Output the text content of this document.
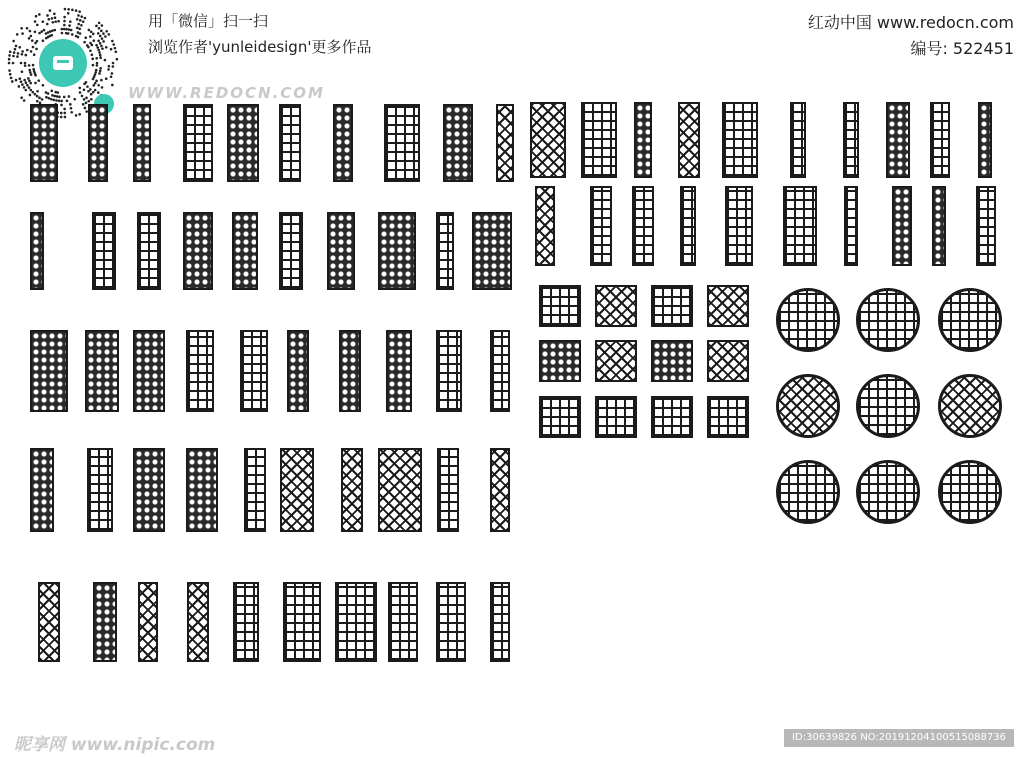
用「微信」扫一扫
浏览作者'yunleidesign'更多作品
红动中国 www.redocn.com
编号: 522451
WWW.REDOCN.COM
昵享网 www.nipic.com	ID:30639826 NO:20191204100515088736
